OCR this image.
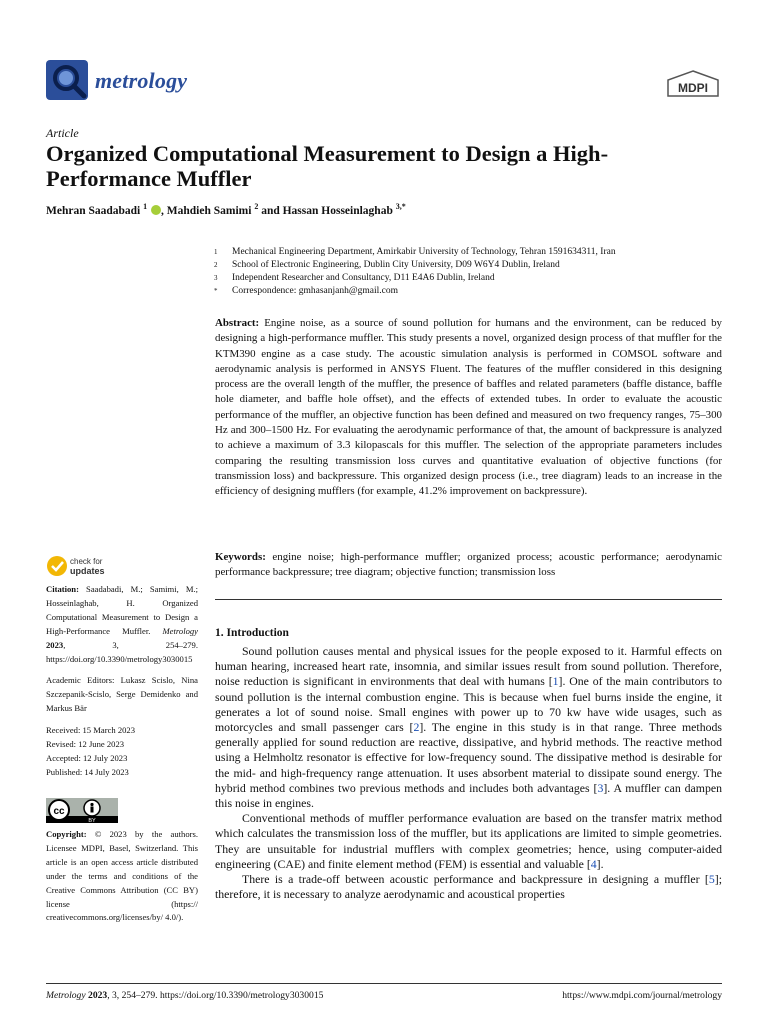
metrology	MDPI
Article
Organized Computational Measurement to Design a High-Performance Muffler
Mehran Saadabadi $^1$ , Mahdieh Samimi $^2$ and Hassan Hosseinlaghab $^{3,*}$
1	Mechanical Engineering Department, Amirkabir University of Technology, Tehran 1591634311, Iran
2	School of Electronic Engineering, Dublin City University, D09 W6Y4 Dublin, Ireland
3	Independent Researcher and Consultancy, D11 E4A6 Dublin, Ireland
*	Correspondence: gmhasanjanh@gmail.com
Abstract: Engine noise, as a source of sound pollution for humans and the environment, can be reduced by designing a high-performance muffler. This study presents a novel, organized design process of that muffler for the KTM390 engine as a case study. The acoustic simulation analysis is performed in COMSOL software and aerodynamic analysis is performed in ANSYS Fluent. The features of the muffler considered in this designing process are the overall length of the muffler, the presence of baffles and related parameters (baffle distance, baffle hole diameter, and baffle hole offset), and the effects of extended tubes. In order to evaluate the acoustic performance of the muffler, an objective function has been defined and measured on two frequency ranges, 75–300 Hz and 300–1500 Hz. For evaluating the aerodynamic performance of that, the amount of backpressure is analyzed to achieve a maximum of 3.3 kilopascals for this muffler. The selection of the appropriate parameters includes comparing the resulting transmission loss curves and quantitative evaluation of objective functions (for transmission loss) and backpressure. This organized design process (i.e., tree diagram) leads to an increase in the efficiency of designing mufflers (for example, 41.2% improvement on backpressure).
Keywords: engine noise; high-performance muffler; organized process; acoustic performance; aerodynamic performance backpressure; tree diagram; objective function; transmission loss
check for
updates
Citation: Saadabadi, M.; Samimi, M.; Hosseinlaghab, H. Organized Computational Measurement to Design a High-Performance Muffler. Metrology 2023, 3, 254–279. https://doi.org/10.3390/metrology3030015
Academic Editors: Lukasz Scislo, Nina Szczepanik-Scislo, Serge Demidenko and Markus Bär
Received: 15 March 2023
Revised: 12 June 2023
Accepted: 12 July 2023
Published: 14 July 2023
cc
BY
Copyright: © 2023 by the authors. Licensee MDPI, Basel, Switzerland. This article is an open access article distributed under the terms and conditions of the Creative Commons Attribution (CC BY) license (https:// creativecommons.org/licenses/by/ 4.0/).
1. Introduction

Sound pollution causes mental and physical issues for the people exposed to it. Harmful effects on human hearing, increased heart rate, insomnia, and similar issues result from sound pollution. Therefore, noise reduction is significant in environments that deal with humans [1]. One of the main contributors to sound pollution is the internal combustion engine. This is because when fuel burns inside the engine, it generates a lot of sound noise. Small engines with power up to 70 kw have wide usages, such as motorcycles and small passenger cars [2]. The engine in this study is in that range. Three methods generally applied for sound reduction are reactive, dissipative, and hybrid methods. The reactive method using a Helmholtz resonator is effective for low-frequency sound. The dissipative method is desirable for the mid- and high-frequency range attenuation. It uses absorbent material to dissipate sound energy. The hybrid method combines two previous methods and includes both advantages [3]. A muffler can dampen this noise in engines.

Conventional methods of muffler performance evaluation are based on the transfer matrix method which calculates the transmission loss of the muffler, but its applications are limited to simple geometries. They are unsuitable for industrial mufflers with complex geometries; hence, using computer-aided engineering (CAE) and finite element method (FEM) is essential and valuable [4].

There is a trade-off between acoustic performance and backpressure in designing a muffler [5]; therefore, it is necessary to analyze aerodynamic and acoustical properties

Metrology 2023, 3, 254–279. https://doi.org/10.3390/metrology3030015	https://www.mdpi.com/journal/metrology
